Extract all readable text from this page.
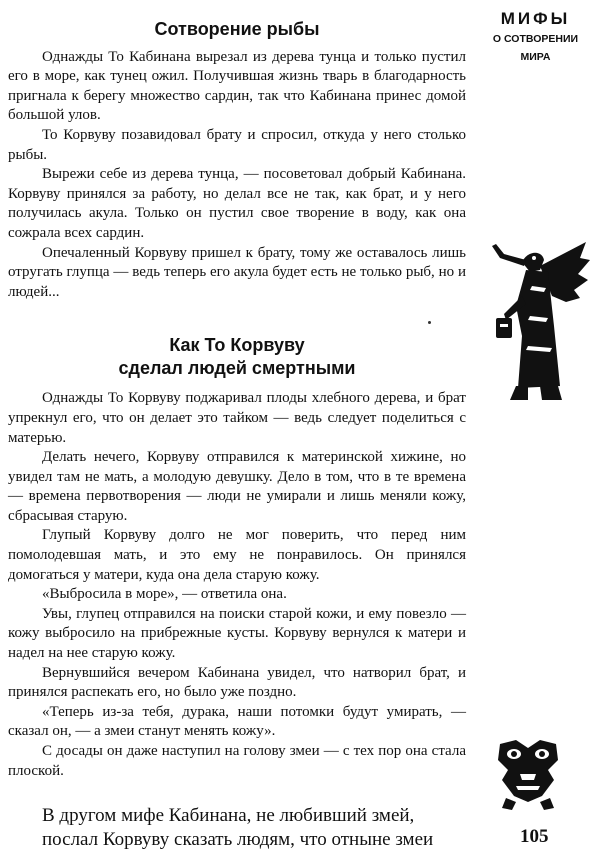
Сотворение рыбы

Однажды То Кабинана вырезал из дерева тунца и только пустил его в море, как тунец ожил. Получившая жизнь тварь в благодарность пригнала к берегу множество сардин, так что Кабинана принес домой большой улов.

То Корвуву позавидовал брату и спросил, откуда у него столько рыбы.

Вырежи себе из дерева тунца, — посоветовал добрый Кабинана. Корвуву принялся за работу, но делал все не так, как брат, и у него получилась акула. Только он пустил свое творение в воду, как она сожрала всех сардин.

Опечаленный Корвуву пришел к брату, тому же оставалось лишь отругать глупца — ведь теперь его акула будет есть не только рыб, но и людей...

Как То Корвуву
сделал людей смертными

Однажды То Корвуву поджаривал плоды хлебного дерева, и брат упрекнул его, что он делает это тайком — ведь следует поделиться с матерью.

Делать нечего, Корвуву отправился к материнской хижине, но увидел там не мать, а молодую девушку. Дело в том, что в те времена — времена первотворения — люди не умирали и лишь меняли кожу, сбрасывая старую.

Глупый Корвуву долго не мог поверить, что перед ним помолодевшая мать, и это ему не понравилось. Он принялся домогаться у матери, куда она дела старую кожу.

«Выбросила в море», — ответила она.

Увы, глупец отправился на поиски старой кожи, и ему повезло — кожу выбросило на прибрежные кусты. Корвуву вернулся к матери и надел на нее старую кожу.

Вернувшийся вечером Кабинана увидел, что натворил брат, и принялся распекать его, но было уже поздно.

«Теперь из-за тебя, дурака, наши потомки будут умирать, — сказал он, — а змеи станут менять кожу».

С досады он даже наступил на голову змеи — с тех пор она стала плоской.

В другом мифе Кабинана, не любивший змей,
послал Корвуву сказать людям, что отныне змеи
МИФЫ
О СОТВОРЕНИИ
МИРА
105
